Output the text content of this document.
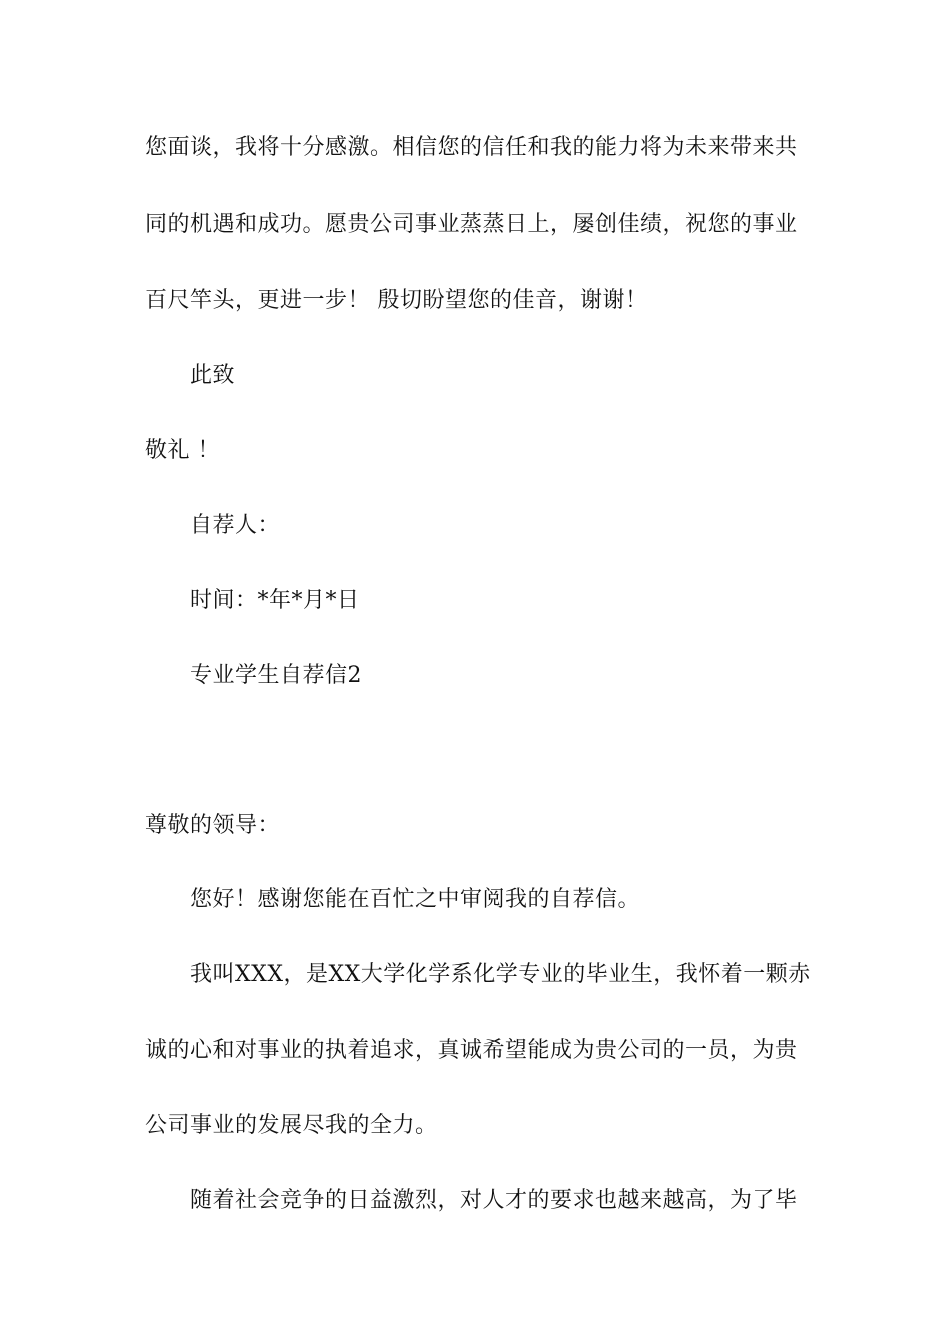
您面谈，我将十分感激。相信您的信任和我的能力将为未来带来共
同的机遇和成功。愿贵公司事业蒸蒸日上，屡创佳绩，祝您的事业
百尺竿头，更进一步！ 殷切盼望您的佳音，谢谢！
此致
敬礼 ！
自荐人：
时间：*年*月*日
专业学生自荐信2
尊敬的领导：
您好！感谢您能在百忙之中审阅我的自荐信。
我叫XXX，是XX大学化学系化学专业的毕业生，我怀着一颗赤
诚的心和对事业的执着追求，真诚希望能成为贵公司的一员，为贵
公司事业的发展尽我的全力。
随着社会竞争的日益激烈，对人才的要求也越来越高，为了毕
